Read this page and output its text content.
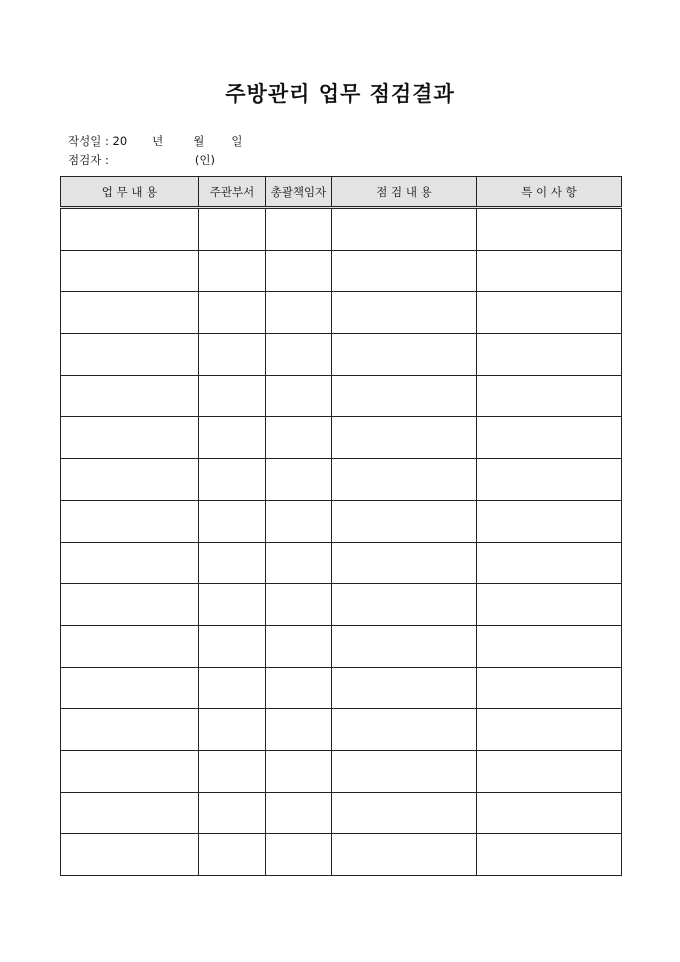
주방관리 업무 점검결과
작성일 : 20 년	월 일
점검자 :	(인)
업 무 내 용	주관부서	총괄책임자	점 검 내 용	특 이 사 항
